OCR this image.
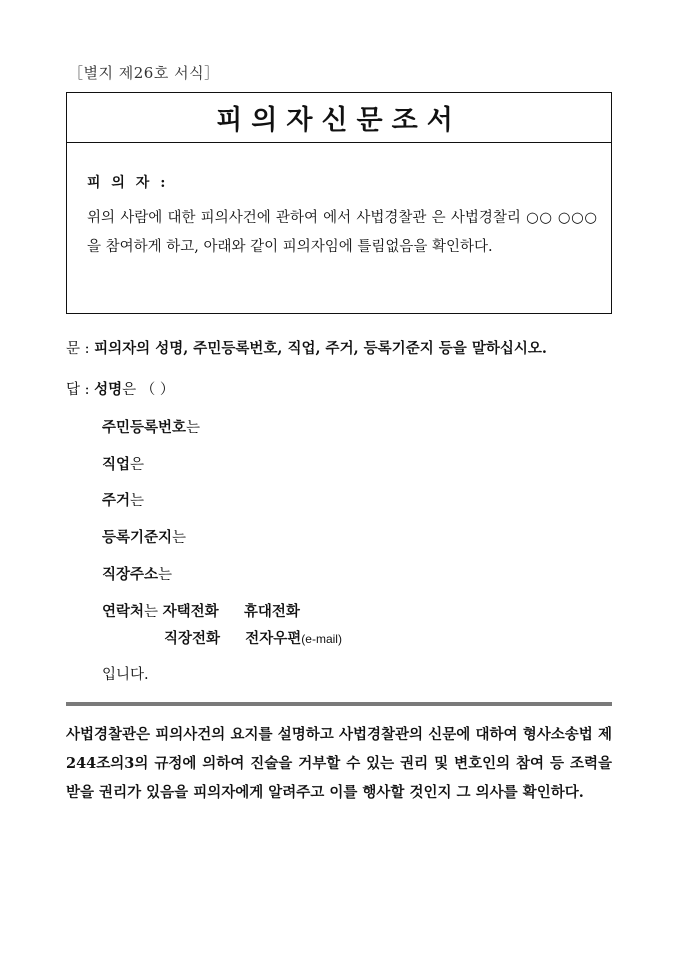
［별지 제26호 서식］
피의자신문조서
피 의 자 :
위의 사람에 대한 피의사건에 관하여 에서 사법경찰관 은 사법경찰리 ○○ ○○○을 참여하게 하고, 아래와 같이 피의자임에 틀림없음을 확인하다.
문 : 피의자의 성명, 주민등록번호, 직업, 주거, 등록기준지 등을 말하십시오.
답 : 성명은 （ ）
주민등록번호는
직업은
주거는
등록기준지는
직장주소는
연락처는 자택전화 휴대전화
직장전화 전자우편(e-mail)
입니다.
사법경찰관은 피의사건의 요지를 설명하고 사법경찰관의 신문에 대하여 형사소송법 제244조의3의 규정에 의하여 진술을 거부할 수 있는 권리 및 변호인의 참여 등 조력을 받을 권리가 있음을 피의자에게 알려주고 이를 행사할 것인지 그 의사를 확인하다.
